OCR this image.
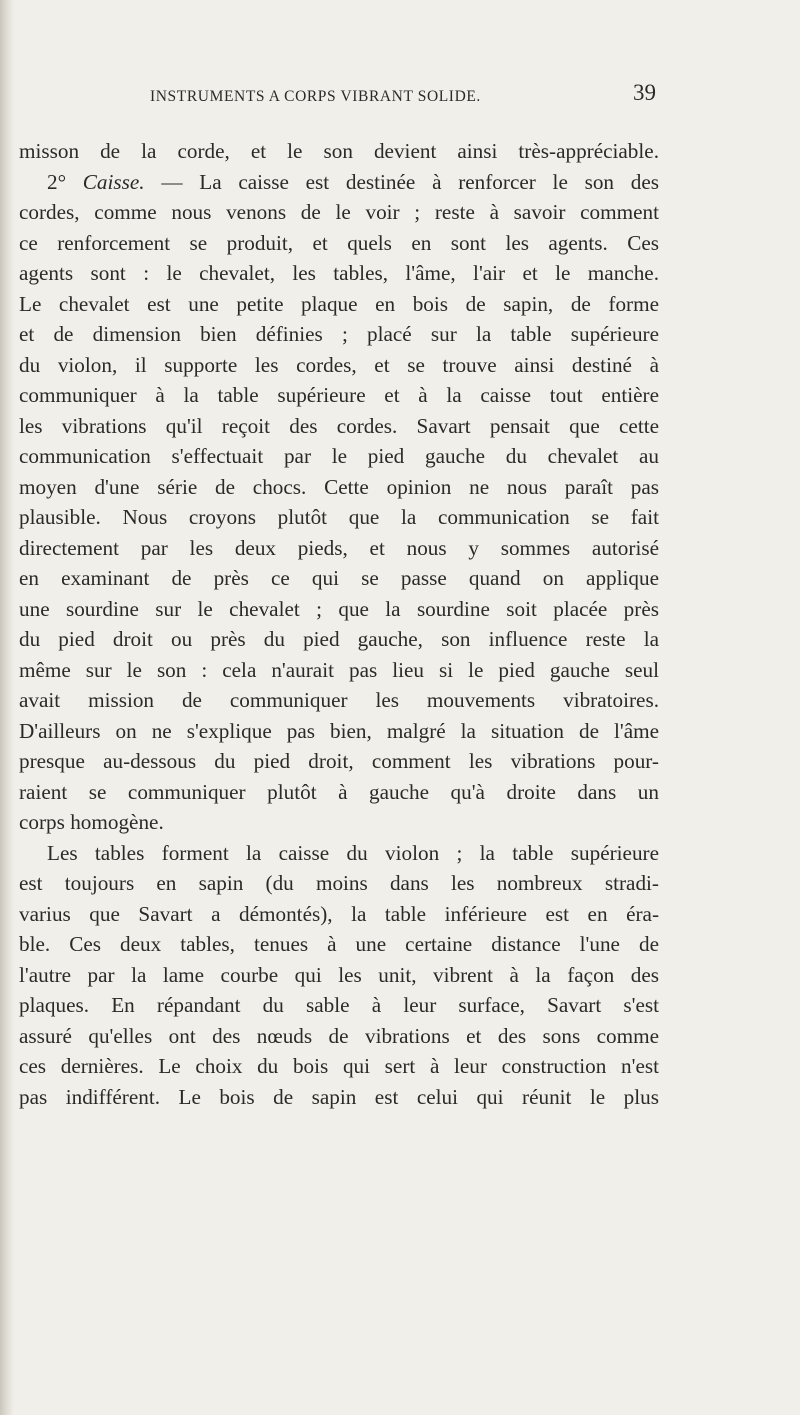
INSTRUMENTS A CORPS VIBRANT SOLIDE.	39
misson de la corde, et le son devient ainsi très-appréciable.
2° Caisse. — La caisse est destinée à renforcer le son des
cordes, comme nous venons de le voir ; reste à savoir comment
ce renforcement se produit, et quels en sont les agents. Ces
agents sont : le chevalet, les tables, l'âme, l'air et le manche.
Le chevalet est une petite plaque en bois de sapin, de forme
et de dimension bien définies ; placé sur la table supérieure
du violon, il supporte les cordes, et se trouve ainsi destiné à
communiquer à la table supérieure et à la caisse tout entière
les vibrations qu'il reçoit des cordes. Savart pensait que cette
communication s'effectuait par le pied gauche du chevalet au
moyen d'une série de chocs. Cette opinion ne nous paraît pas
plausible. Nous croyons plutôt que la communication se fait
directement par les deux pieds, et nous y sommes autorisé
en examinant de près ce qui se passe quand on applique
une sourdine sur le chevalet ; que la sourdine soit placée près
du pied droit ou près du pied gauche, son influence reste la
même sur le son : cela n'aurait pas lieu si le pied gauche seul
avait mission de communiquer les mouvements vibratoires.
D'ailleurs on ne s'explique pas bien, malgré la situation de l'âme
presque au-dessous du pied droit, comment les vibrations pour-
raient se communiquer plutôt à gauche qu'à droite dans un
corps homogène.
Les tables forment la caisse du violon ; la table supérieure
est toujours en sapin (du moins dans les nombreux stradi-
varius que Savart a démontés), la table inférieure est en éra-
ble. Ces deux tables, tenues à une certaine distance l'une de
l'autre par la lame courbe qui les unit, vibrent à la façon des
plaques. En répandant du sable à leur surface, Savart s'est
assuré qu'elles ont des nœuds de vibrations et des sons comme
ces dernières. Le choix du bois qui sert à leur construction n'est
pas indifférent. Le bois de sapin est celui qui réunit le plus
